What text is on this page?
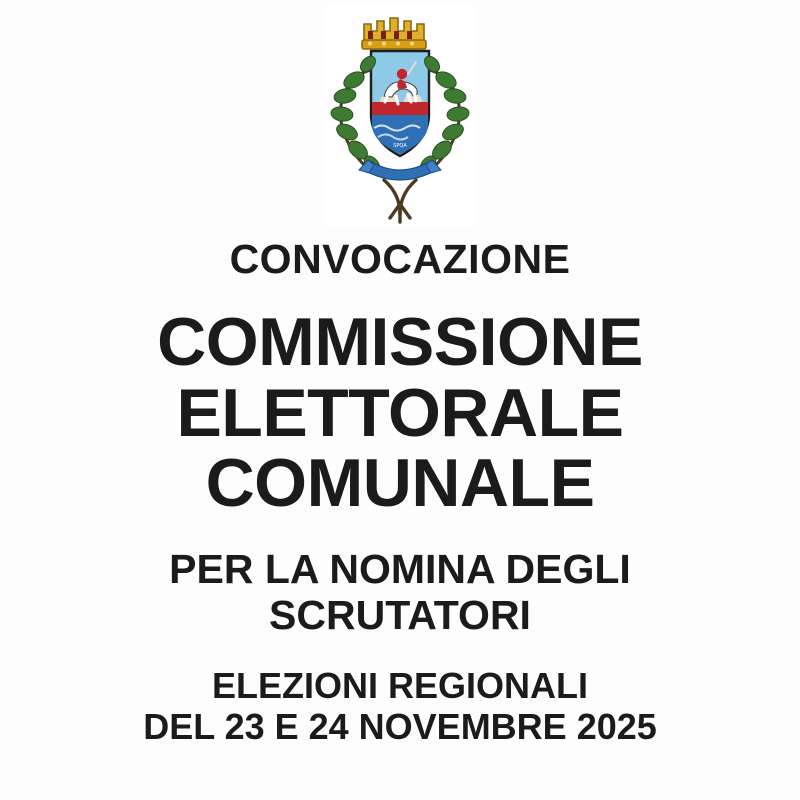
SPQA
CONVOCAZIONE
COMMISSIONE
ELETTORALE
COMUNALE
PER LA NOMINA DEGLI
SCRUTATORI
ELEZIONI REGIONALI
DEL 23 E 24 NOVEMBRE 2025
